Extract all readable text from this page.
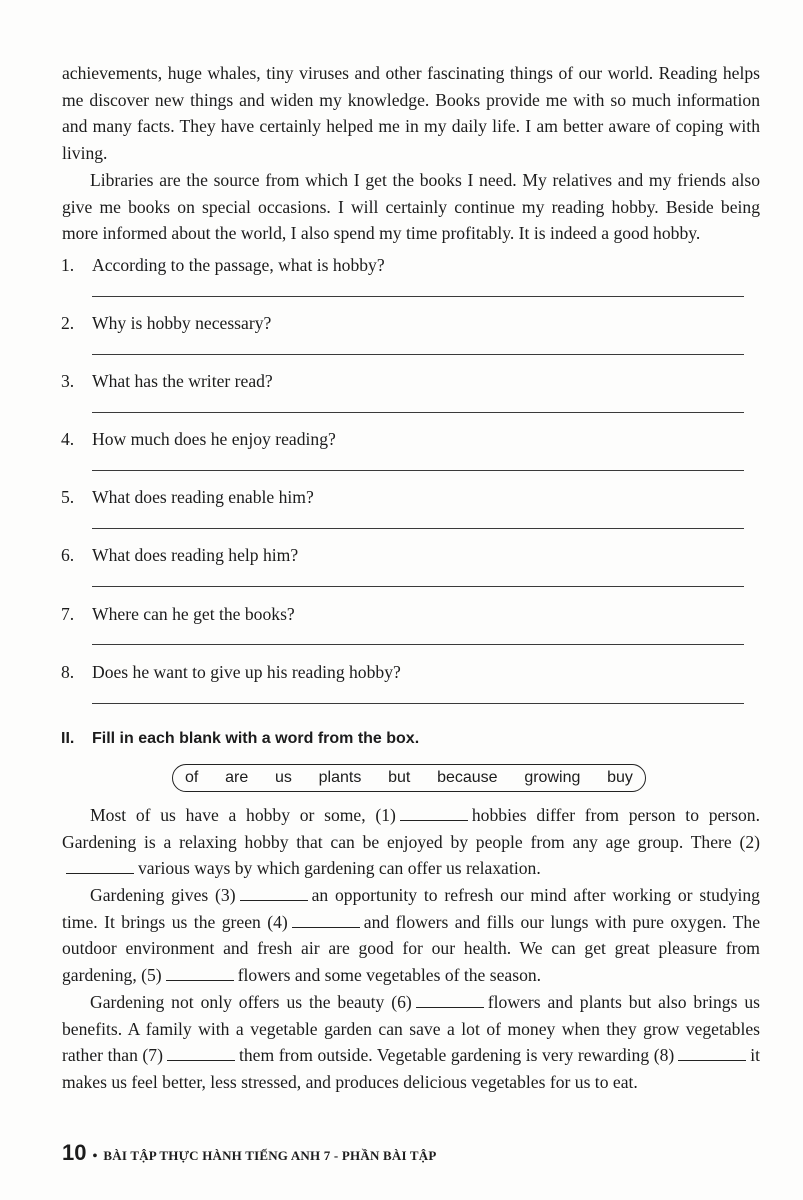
achievements, huge whales, tiny viruses and other fascinating things of our world. Reading helps me discover new things and widen my knowledge. Books provide me with so much information and many facts. They have certainly helped me in my daily life. I am better aware of coping with living.

Libraries are the source from which I get the books I need. My relatives and my friends also give me books on special occasions. I will certainly continue my reading hobby. Beside being more informed about the world, I also spend my time profitably. It is indeed a good hobby.

1. According to the passage, what is hobby?
2. Why is hobby necessary?
3. What has the writer read?
4. How much does he enjoy reading?
5. What does reading enable him?
6. What does reading help him?
7. Where can he get the books?
8. Does he want to give up his reading hobby?
II. Fill in each blank with a word from the box.
of are us plants but because growing buy

Most of us have a hobby or some, (1)	hobbies differ from person to person. Gardening is a relaxing hobby that can be enjoyed by people from any age group. There (2)various ways by which gardening can offer us relaxation.

Gardening gives (3)	an opportunity to refresh our mind after working or studying time. It brings us the green (4)	and flowers and fills our lungs with pure oxygen. The outdoor environment and fresh air are good for our health. We can get great pleasure from gardening, (5)	flowers and some vegetables of the season.

Gardening not only offers us the beauty (6)	flowers and plants but also brings us benefits. A family with a vegetable garden can save a lot of money when they grow vegetables rather than (7)	them from outside. Vegetable gardening is very rewarding (8)	it makes us feel better, less stressed, and produces delicious vegetables for us to eat.

10 • BÀI TẬP THỰC HÀNH TIẾNG ANH 7 - PHẦN BÀI TẬP
